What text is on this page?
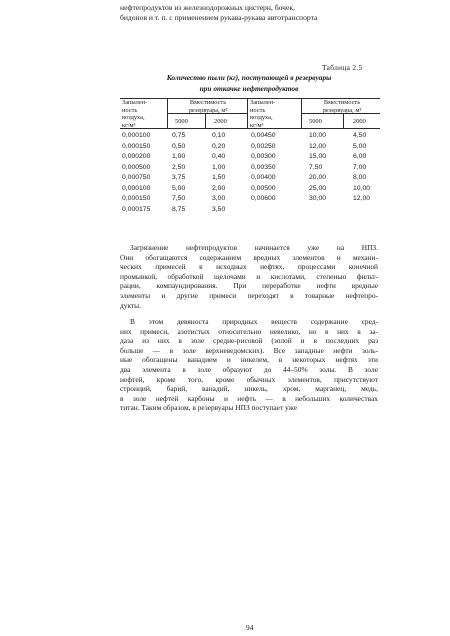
нефтепродуктов из железнодорожных цистерн, бочек,
бидонов и т. п. с применением рукава-рукава автотранспорта
Таблица 2.5
Количество пыли (кг), поступающей в резервуары
при откачке нефтепродуктов
Запылен-
ность
воздуха,
кг/м³
Вместимость
резервуара, м³
Запылен-
ность
воздуха,
кг/м³
Вместимость
резервуара, м³
5000	2000	5000	2000
0,000100	0,75	0,10	0,00450	10,00	4,50
0,000150	0,50	0,20	0,00250	12,00	5,00
0,000200	1,00	0,40	0,00300	15,00	6,00
0,000500	2,50	1,00	0,00350	7,50	7,00
0,000750	3,75	1,50	0,00400	20,00	8,00
0,000100	5,00	2,00	0,00500	25,00	10,00
0,000150	7,50	3,00	0,00600	30,00	12,00
0,000175	8,75	3,50
Загрязнение нефтепродуктов начинается уже на НПЗ.
Они обогащаются содержанием вредных элементов и механи-
ческих примесей в исходных нефтях, процессами конечной
промывкой, обработкой щелочами и кислотами, степенью фильт-
рации, компаундирования. При переработке нефти вредные
элементы и другие примеси переходят в товарные нефтепро-
дукты.
В этом девяноста природных веществ содержание сред-
них примеси, азотистых относительно невелико, но в них в за-
даза из них в золе средне-рисовой (золой и в последних раз
больше — в золе верхневедомских). Все западные нефти золь-
ные обогащены ванадием и никелем, в некоторых нефтях эти
два элемента в золе образуют до 44–50% золы. В золе
нефтей, кроме того, кроме обычных элементов, присутствуют
стронций, барий, ванадий, никель, хром, марганец, медь,
в золе нефтей карбоны и нефть — в небольших количествах
титан. Таким образом, в резервуары НПЗ поступает уже
94
